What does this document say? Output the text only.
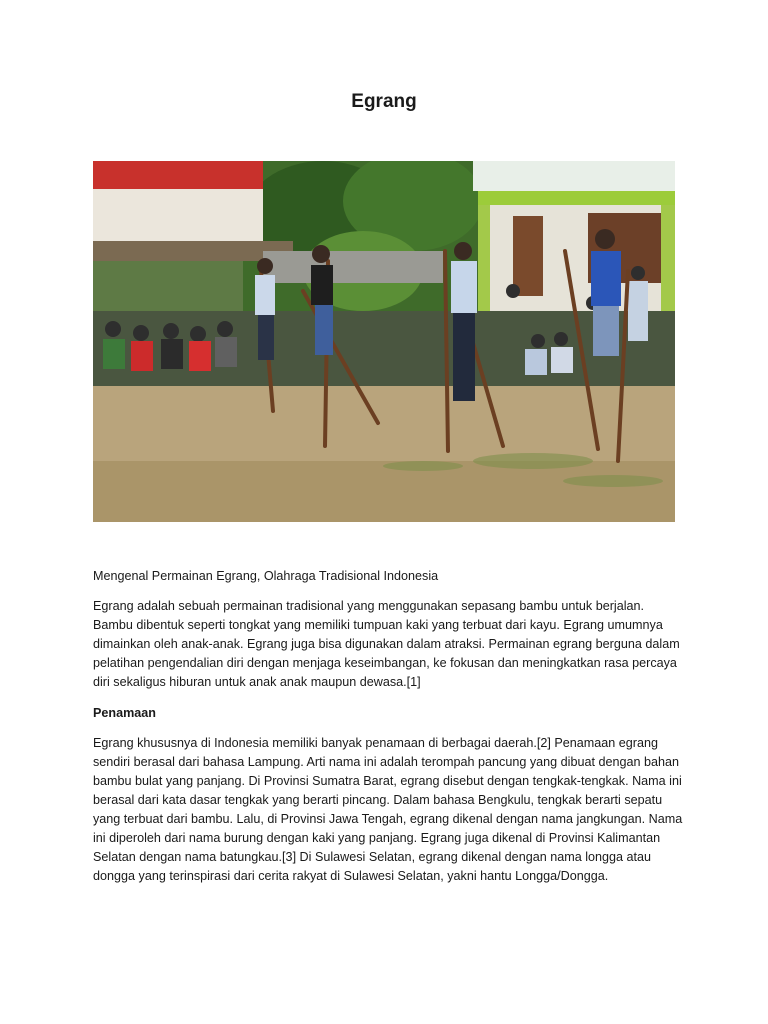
Egrang

Mengenal Permainan Egrang, Olahraga Tradisional Indonesia

Egrang adalah sebuah permainan tradisional yang menggunakan sepasang bambu untuk berjalan. Bambu dibentuk seperti tongkat yang memiliki tumpuan kaki yang terbuat dari kayu. Egrang umumnya dimainkan oleh anak-anak. Egrang juga bisa digunakan dalam atraksi. Permainan egrang berguna dalam pelatihan pengendalian diri dengan menjaga keseimbangan, ke fokusan dan meningkatkan rasa percaya diri sekaligus hiburan untuk anak anak maupun dewasa.[1]

Penamaan

Egrang khususnya di Indonesia memiliki banyak penamaan di berbagai daerah.[2] Penamaan egrang sendiri berasal dari bahasa Lampung. Arti nama ini adalah terompah pancung yang dibuat dengan bahan bambu bulat yang panjang. Di Provinsi Sumatra Barat, egrang disebut dengan tengkak-tengkak. Nama ini berasal dari kata dasar tengkak yang berarti pincang. Dalam bahasa Bengkulu, tengkak berarti sepatu yang terbuat dari bambu. Lalu, di Provinsi Jawa Tengah, egrang dikenal dengan nama jangkungan. Nama ini diperoleh dari nama burung dengan kaki yang panjang. Egrang juga dikenal di Provinsi Kalimantan Selatan dengan nama batungkau.[3] Di Sulawesi Selatan, egrang dikenal dengan nama longga atau dongga yang terinspirasi dari cerita rakyat di Sulawesi Selatan, yakni hantu Longga/Dongga.
